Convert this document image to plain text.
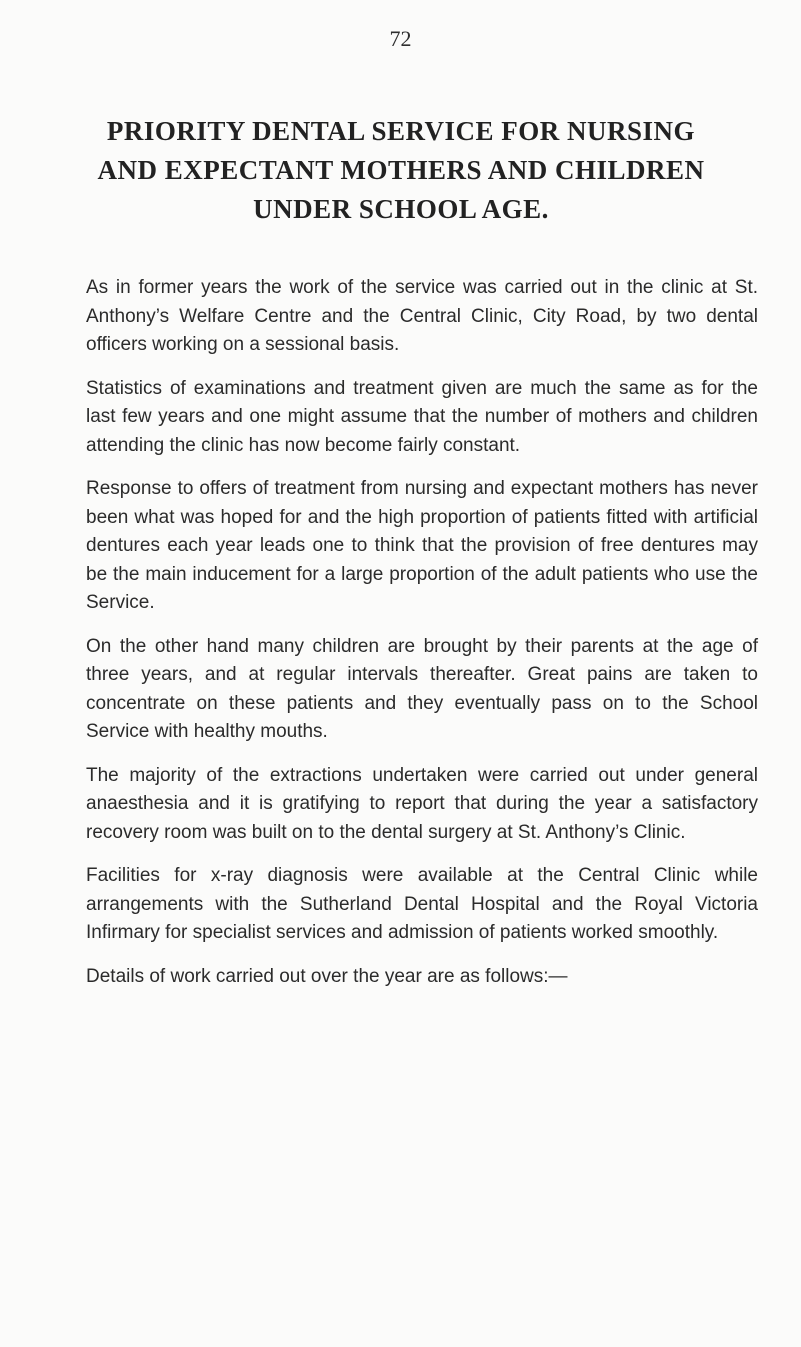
72
PRIORITY DENTAL SERVICE FOR NURSING
AND EXPECTANT MOTHERS AND CHILDREN
UNDER SCHOOL AGE.

As in former years the work of the service was carried out in the clinic at St. Anthony’s Welfare Centre and the Central Clinic, City Road, by two dental officers working on a sessional basis.

Statistics of examinations and treatment given are much the same as for the last few years and one might assume that the number of mothers and children attending the clinic has now become fairly constant.

Response to offers of treatment from nursing and expectant mothers has never been what was hoped for and the high proportion of patients fitted with artificial dentures each year leads one to think that the provision of free dentures may be the main inducement for a large proportion of the adult patients who use the Service.

On the other hand many children are brought by their parents at the age of three years, and at regular intervals thereafter. Great pains are taken to concentrate on these patients and they eventually pass on to the School Service with healthy mouths.

The majority of the extractions undertaken were carried out under general anaesthesia and it is gratifying to report that during the year a satisfactory recovery room was built on to the dental surgery at St. Anthony’s Clinic.

Facilities for x-ray diagnosis were available at the Central Clinic while arrangements with the Sutherland Dental Hospital and the Royal Victoria Infirmary for specialist services and admission of patients worked smoothly.

Details of work carried out over the year are as follows:—
